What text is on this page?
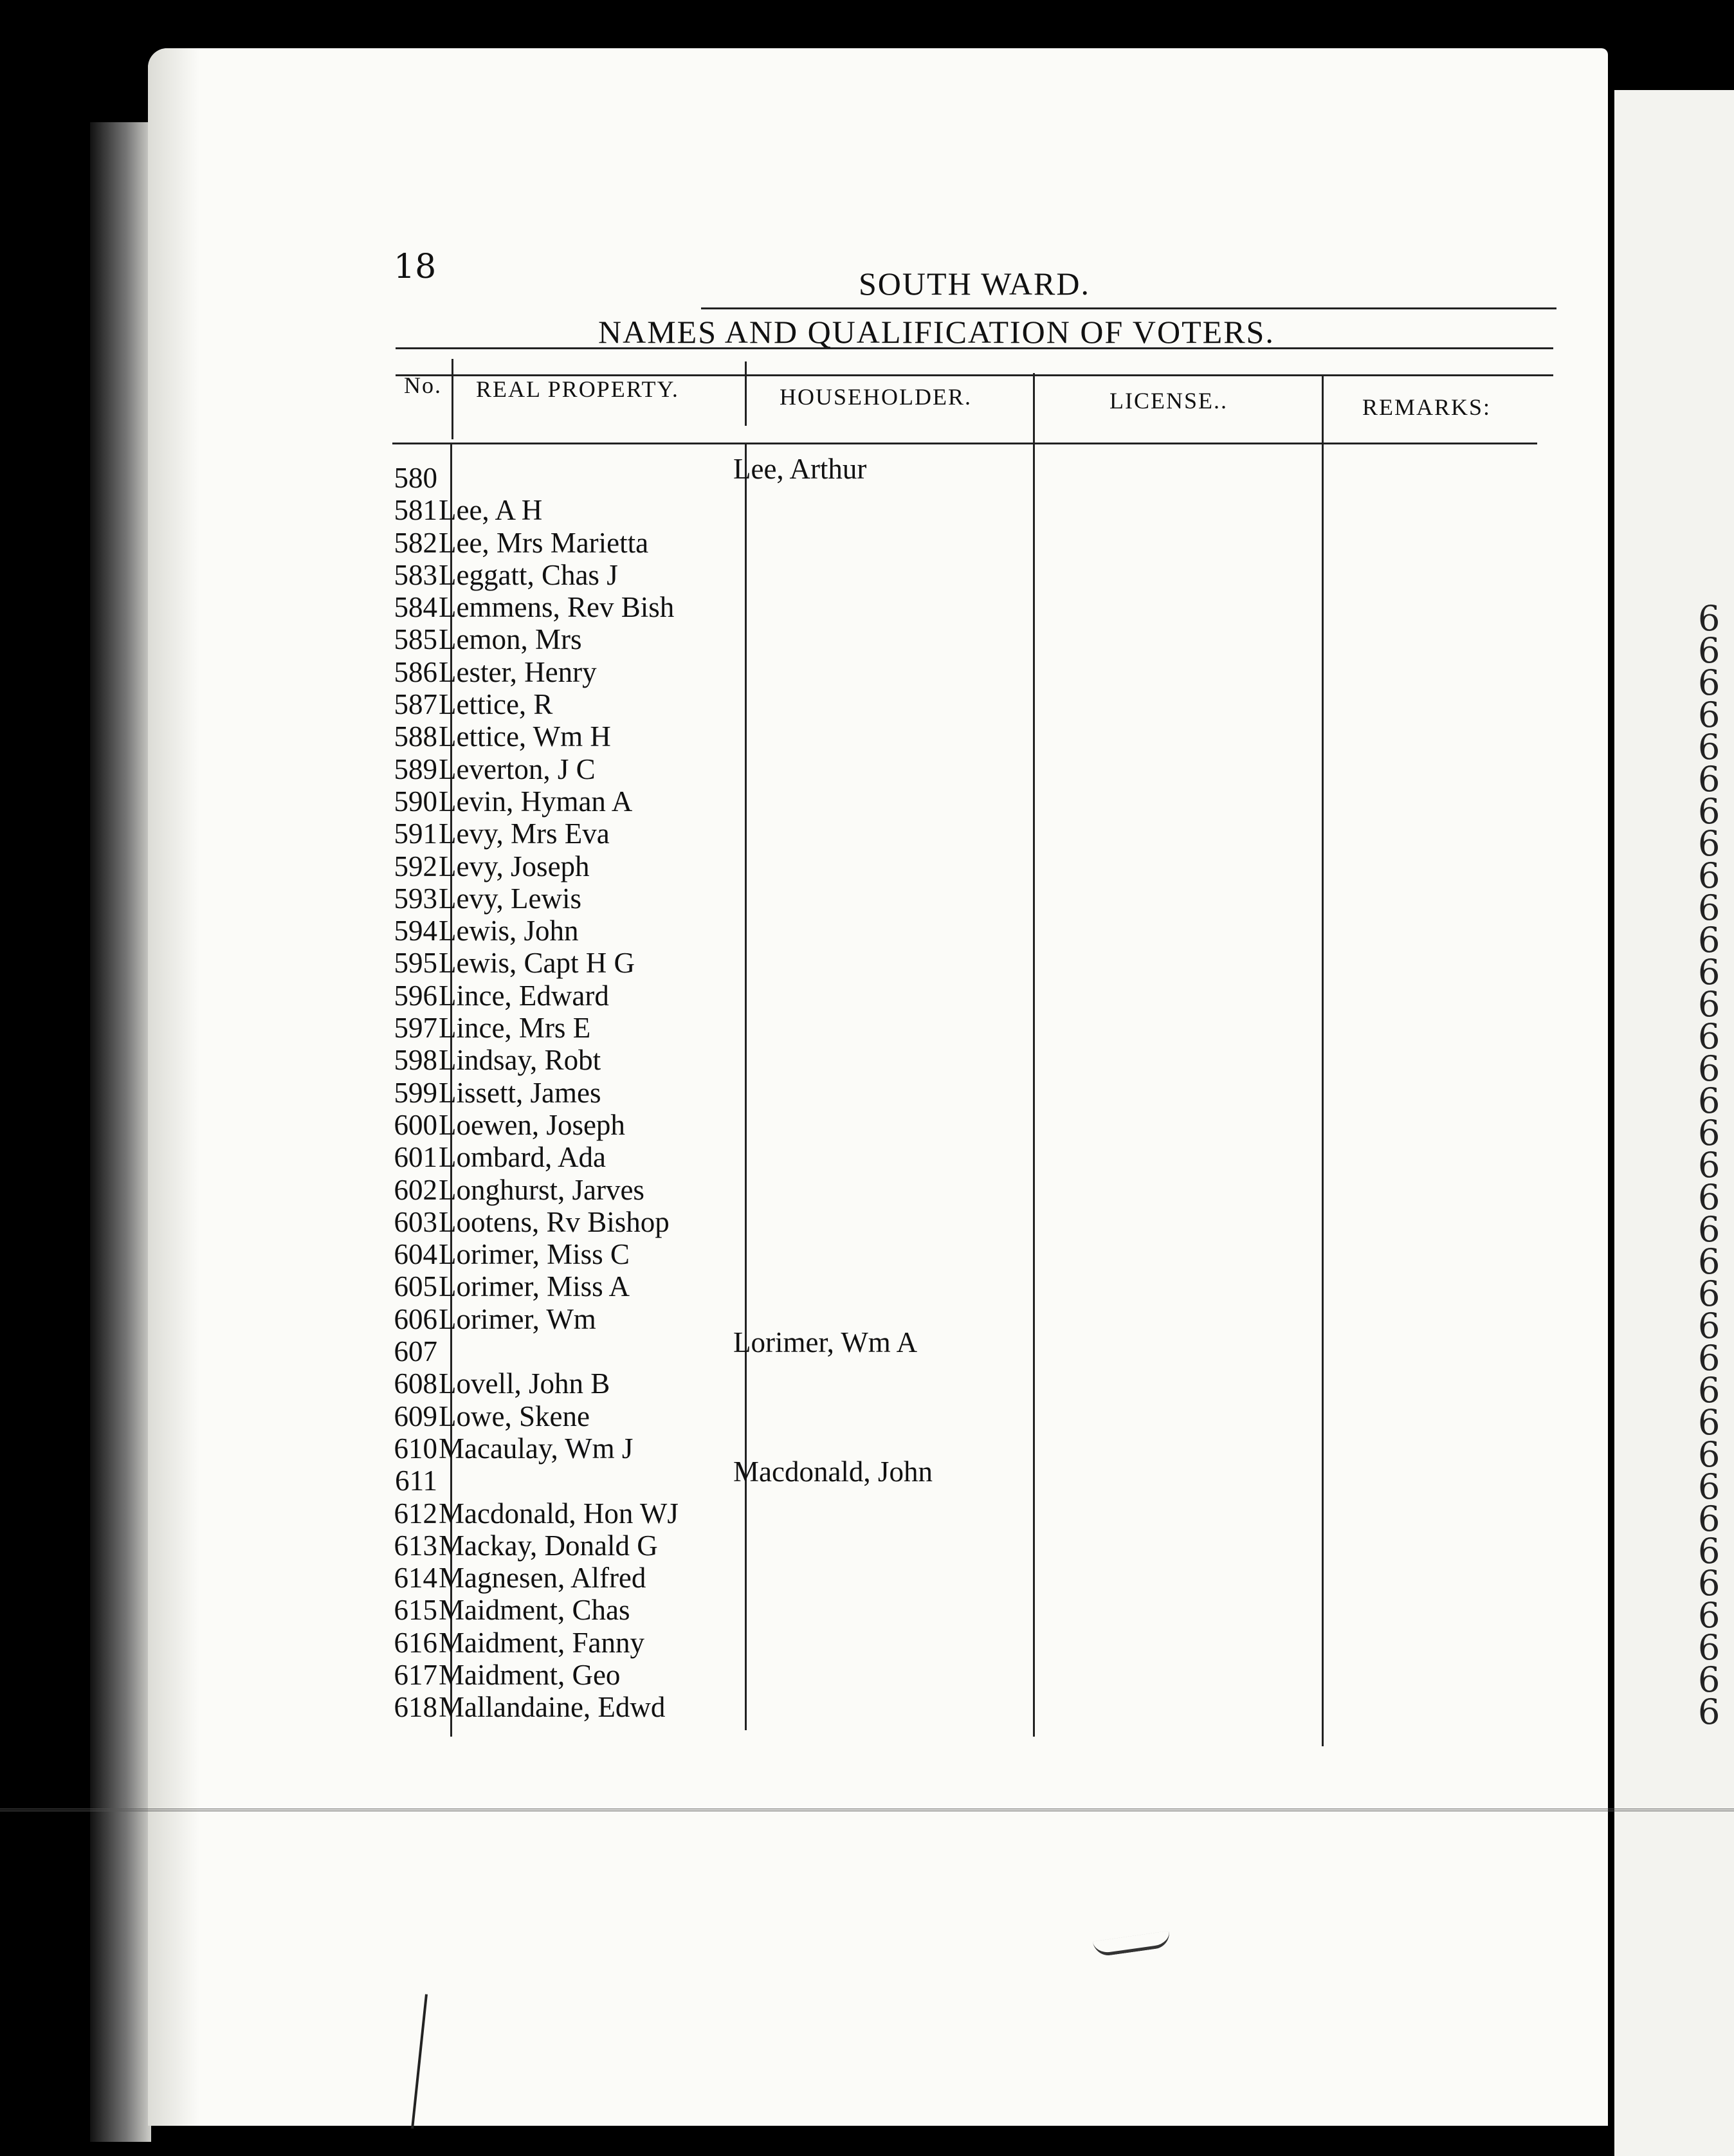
6
6
6
6
6
6
6
6
6
6
6
6
6
6
6
6
6
6
6
6
6
6
6
6
6
6
6
6
6
6
6
6
6
6
6
18	SOUTH WARD.
NAMES AND QUALIFICATION OF VOTERS.
No. REAL PROPERTY.	HOUSEHOLDER.	LICENSE..	REMARKS:
580	Lee, Arthur
581 Lee, A H
582 Lee, Mrs Marietta
583 Leggatt, Chas J
584 Lemmens, Rev Bish
585 Lemon, Mrs
586 Lester, Henry
587 Lettice, R
588 Lettice, Wm H
589 Leverton, J C
590 Levin, Hyman A
591 Levy, Mrs Eva
592 Levy, Joseph
593 Levy, Lewis
594 Lewis, John
595 Lewis, Capt H G
596 Lince, Edward
597 Lince, Mrs E
598 Lindsay, Robt
599 Lissett, James
600 Loewen, Joseph
601 Lombard, Ada
602 Longhurst, Jarves
603 Lootens, Rv Bishop
604 Lorimer, Miss C
605 Lorimer, Miss A
606 Lorimer, Wm
607	Lorimer, Wm A
608 Lovell, John B
609 Lowe, Skene
610 Macaulay, Wm J
611	Macdonald, John
612 Macdonald, Hon WJ
613 Mackay, Donald G
614 Magnesen, Alfred
615 Maidment, Chas
616 Maidment, Fanny
617 Maidment, Geo
618 Mallandaine, Edwd
